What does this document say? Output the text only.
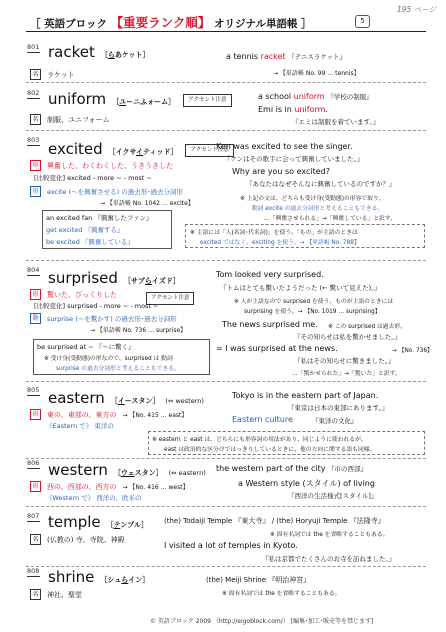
195 ページ
［ 英語ブロック 【重要ランク順】 オリジナル単語帳 ］	5
801 racket ［らあケット］
名 ラケット
a tennis racket 『テニスラケット』
→ 【単語帳 No. 99 … tennis】
802 uniform ［ユーニふォーム］ アクセント注意
名 制服、ユニフォーム
a school uniform 『学校の制服』
Emi is in uniform.
『エミは制服を着ています。』
803 excited ［イクサイティッド］ アクセント注意
形 興奮した、わくわくした、うきうきした
[比較変化] excited - more ~ - most ~
形 excite (〜を興奮させる) の過去形･過去分詞形
→ 【単語帳 No. 1042 … excite】
an excited fan 『興奮したファン』
get excited 『興奮する』
be excited 『興奮している』
Ken was excited to see the singer.
『ケンはその歌手に会って興奮していました。』
Why are you so excited?
『あなたはなぜそんなに興奮しているのですか？』
※ 上記の文は、どちらも受け身(受動態)の形容で取り、
動詞 excite の過去分詞形と考えることもできる。
…「興奮させられる」→「興奮している」と訳す。
※ 主語には「人(名詞･代名詞)」を使う。「もの」が主語のときは
excited ではなく、exciting を使う。→ 【単語帳 No. 788】
804 surprised ［サプらイズド］
アクセント注意
形 驚いた、びっくりした
[比較変化] surprised - more ~ - most ~
動 surprise (〜を驚かす) の過去形･過去分詞形
→ 【単語帳 No. 736 … surprise】
be surprised at ~ 『〜に驚く』
※ 受け身(受動態)の形なので、surprised は 動詞
surprise の過去分詞形と考えることもできる。
Tom looked very surprised.
『トムはとても驚いたようだった (← 驚いて見えた)。』
※ 人が主語なので surprised を使う。ものが主語のときには
surprising を使う。→ 【No. 1019 … surprising】
The news surprised me. ※ この surprised は過去形。
『その知らせは私を驚かせました。』
= I was surprised at the news.	→ 【No. 736】
『私はその知らせに驚きました。』
…「驚かせられた」→「驚いた」と訳す。
805 eastern ［イースタン］ (⇔ western)
形 東の、東部の、東方の → 【No. 415 … east】
《Eastern で》 東洋の
Tokyo is in the eastern part of Japan.
『東京は日本の東部にあります。』
Eastern culture	『東洋の文化』
※ eastern と east は、どちらにも形容詞の用法があり、同じように使われるが、
east は政治的な区分けではっきりしているときに、他の方向に関する語も同様。
806 western ［ウェスタン］ (⇔ eastern)
形 西の、西部の、西方の → 【No. 416 … west】
《Western で》 西洋の、欧米の
the western part of the city 『市の西部』
a Western style (スタイル) of living
『西洋の生活様式[スタイル]』
807 temple ［テンプル］
名 (仏教の) 寺、寺院、神殿
(the) Todaiji Temple 『東大寺』 / (the) Horyuji Temple 『法隆寺』
※ 固有名詞では the を省略することもある。
I visited a lot of temples in Kyoto.
『私は京都でたくさんのお寺を訪ねました。』
808 shrine ［シュらイン］
名 神社、聖堂
(the) Meiji Shrine 『明治神宮』
※ 固有名詞では the を省略することもある。
© 英語ブロック 2009 （http://eigoblock.com/） [編集･加工･販売等を禁じます]
